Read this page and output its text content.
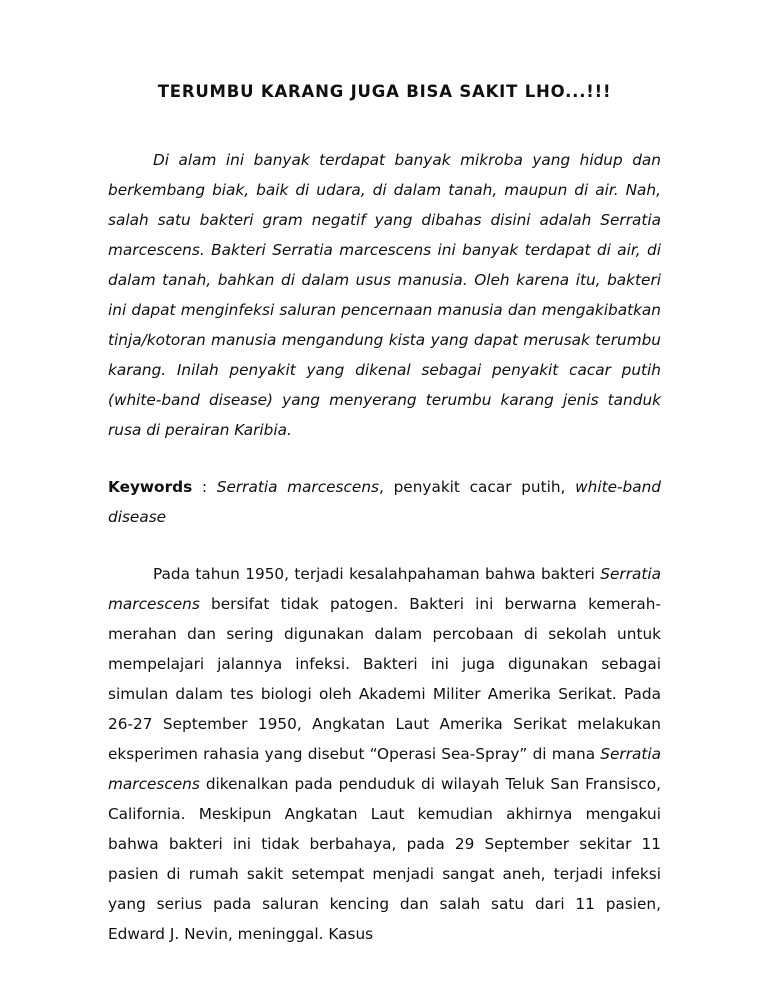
TERUMBU KARANG JUGA BISA SAKIT LHO...!!!

Di alam ini banyak terdapat banyak mikroba yang hidup dan berkembang biak, baik di udara, di dalam tanah, maupun di air. Nah, salah satu bakteri gram negatif yang dibahas disini adalah Serratia marcescens. Bakteri Serratia marcescens ini banyak terdapat di air, di dalam tanah, bahkan di dalam usus manusia. Oleh karena itu, bakteri ini dapat menginfeksi saluran pencernaan manusia dan mengakibatkan tinja/kotoran manusia mengandung kista yang dapat merusak terumbu karang. Inilah penyakit yang dikenal sebagai penyakit cacar putih (white-band disease) yang menyerang terumbu karang jenis tanduk rusa di perairan Karibia.

Keywords : Serratia marcescens, penyakit cacar putih, white-band disease

Pada tahun 1950, terjadi kesalahpahaman bahwa bakteri Serratia marcescens bersifat tidak patogen. Bakteri ini berwarna kemerah-merahan dan sering digunakan dalam percobaan di sekolah untuk mempelajari jalannya infeksi. Bakteri ini juga digunakan sebagai simulan dalam tes biologi oleh Akademi Militer Amerika Serikat. Pada 26-27 September 1950, Angkatan Laut Amerika Serikat melakukan eksperimen rahasia yang disebut “Operasi Sea-Spray” di mana Serratia marcescens dikenalkan pada penduduk di wilayah Teluk San Fransisco, California. Meskipun Angkatan Laut kemudian akhirnya mengakui bahwa bakteri ini tidak berbahaya, pada 29 September sekitar 11 pasien di rumah sakit setempat menjadi sangat aneh, terjadi infeksi yang serius pada saluran kencing dan salah satu dari 11 pasien, Edward J. Nevin, meninggal. Kasus
